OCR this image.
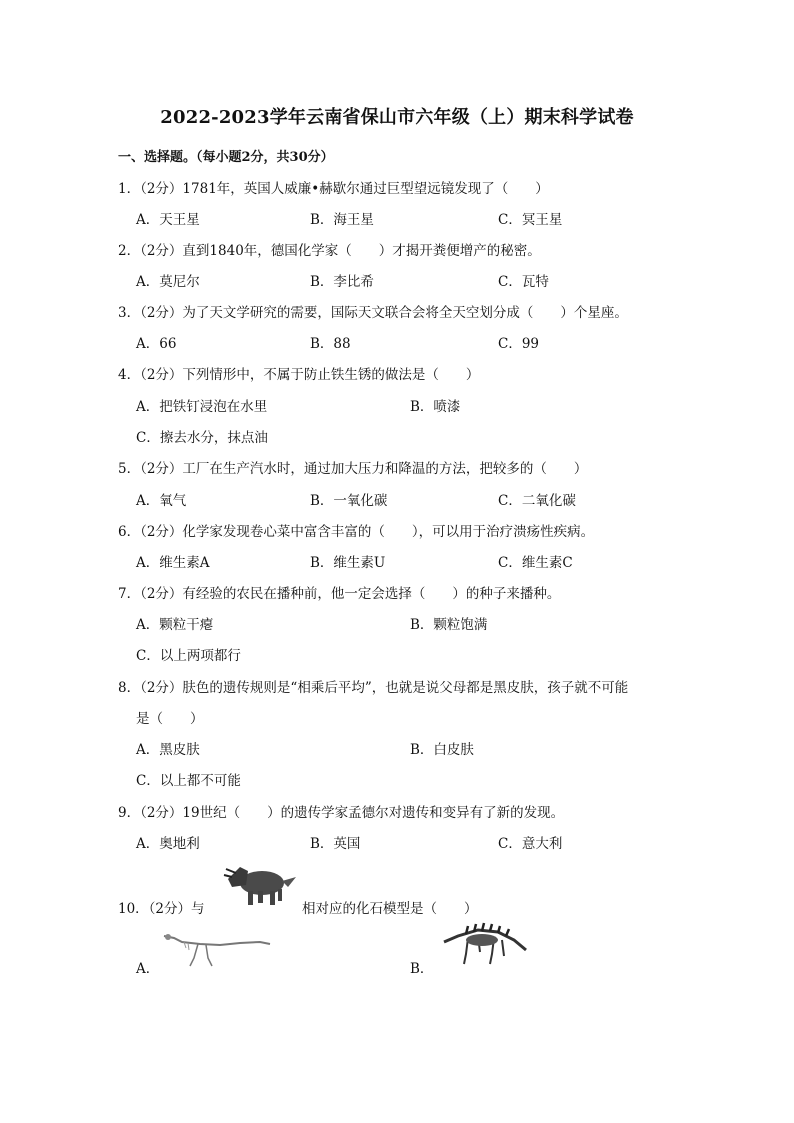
2022-2023学年云南省保山市六年级（上）期末科学试卷
一、选择题。（每小题2分，共30分）
1．（2分）1781年，英国人威廉•赫歇尔通过巨型望远镜发现了（　　）
A．天王星	B．海王星	C．冥王星
2．（2分）直到1840年，德国化学家（　　）才揭开粪便增产的秘密。
A．莫尼尔	B．李比希	C．瓦特
3．（2分）为了天文学研究的需要，国际天文联合会将全天空划分成（　　）个星座。
A．66	B．88	C．99
4．（2分）下列情形中，不属于防止铁生锈的做法是（　　）
A．把铁钉浸泡在水里	B．喷漆
C．擦去水分，抹点油
5．（2分）工厂在生产汽水时，通过加大压力和降温的方法，把较多的（　　）
A．氧气	B．一氧化碳	C．二氧化碳
6．（2分）化学家发现卷心菜中富含丰富的（　　），可以用于治疗溃疡性疾病。
A．维生素A	B．维生素U	C．维生素C
7．（2分）有经验的农民在播种前，他一定会选择（　　）的种子来播种。
A．颗粒干瘪	B．颗粒饱满
C．以上两项都行
8．（2分）肤色的遗传规则是“相乘后平均”，也就是说父母都是黑皮肤，孩子就不可能
是（　　）
A．黑皮肤	B．白皮肤
C．以上都不可能
9．（2分）19世纪（　　）的遗传学家孟德尔对遗传和变异有了新的发现。
A．奥地利	B．英国	C．意大利
10．（2分）与	相对应的化石模型是（　　）
A．	B．
